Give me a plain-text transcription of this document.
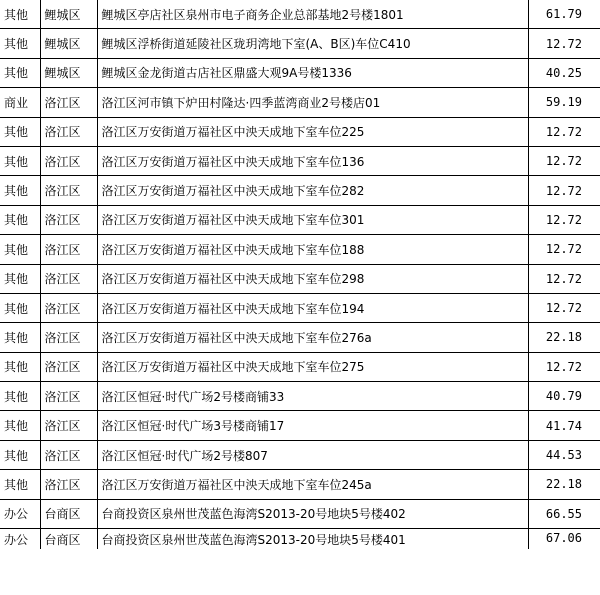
其他	鲤城区	鲤城区亭店社区泉州市电子商务企业总部基地2号楼1801	61.79
其他	鲤城区	鲤城区浮桥街道延陵社区珑玥湾地下室(A、B区)车位C410	12.72
其他	鲤城区	鲤城区金龙街道古店社区鼎盛大观9A号楼1336	40.25
商业	洛江区	洛江区河市镇下炉田村隆达·四季蓝湾商业2号楼店01	59.19
其他	洛江区	洛江区万安街道万福社区中泱天成地下室车位225	12.72
其他	洛江区	洛江区万安街道万福社区中泱天成地下室车位136	12.72
其他	洛江区	洛江区万安街道万福社区中泱天成地下室车位282	12.72
其他	洛江区	洛江区万安街道万福社区中泱天成地下室车位301	12.72
其他	洛江区	洛江区万安街道万福社区中泱天成地下室车位188	12.72
其他	洛江区	洛江区万安街道万福社区中泱天成地下室车位298	12.72
其他	洛江区	洛江区万安街道万福社区中泱天成地下室车位194	12.72
其他	洛江区	洛江区万安街道万福社区中泱天成地下室车位276a	22.18
其他	洛江区	洛江区万安街道万福社区中泱天成地下室车位275	12.72
其他	洛江区	洛江区恒冠·时代广场2号楼商铺33	40.79
其他	洛江区	洛江区恒冠·时代广场3号楼商铺17	41.74
其他	洛江区	洛江区恒冠·时代广场2号楼807	44.53
其他	洛江区	洛江区万安街道万福社区中泱天成地下室车位245a	22.18
办公	台商区	台商投资区泉州世茂蓝色海湾S2013-20号地块5号楼402	66.55
办公	台商区	台商投资区泉州世茂蓝色海湾S2013-20号地块5号楼401	67.06
